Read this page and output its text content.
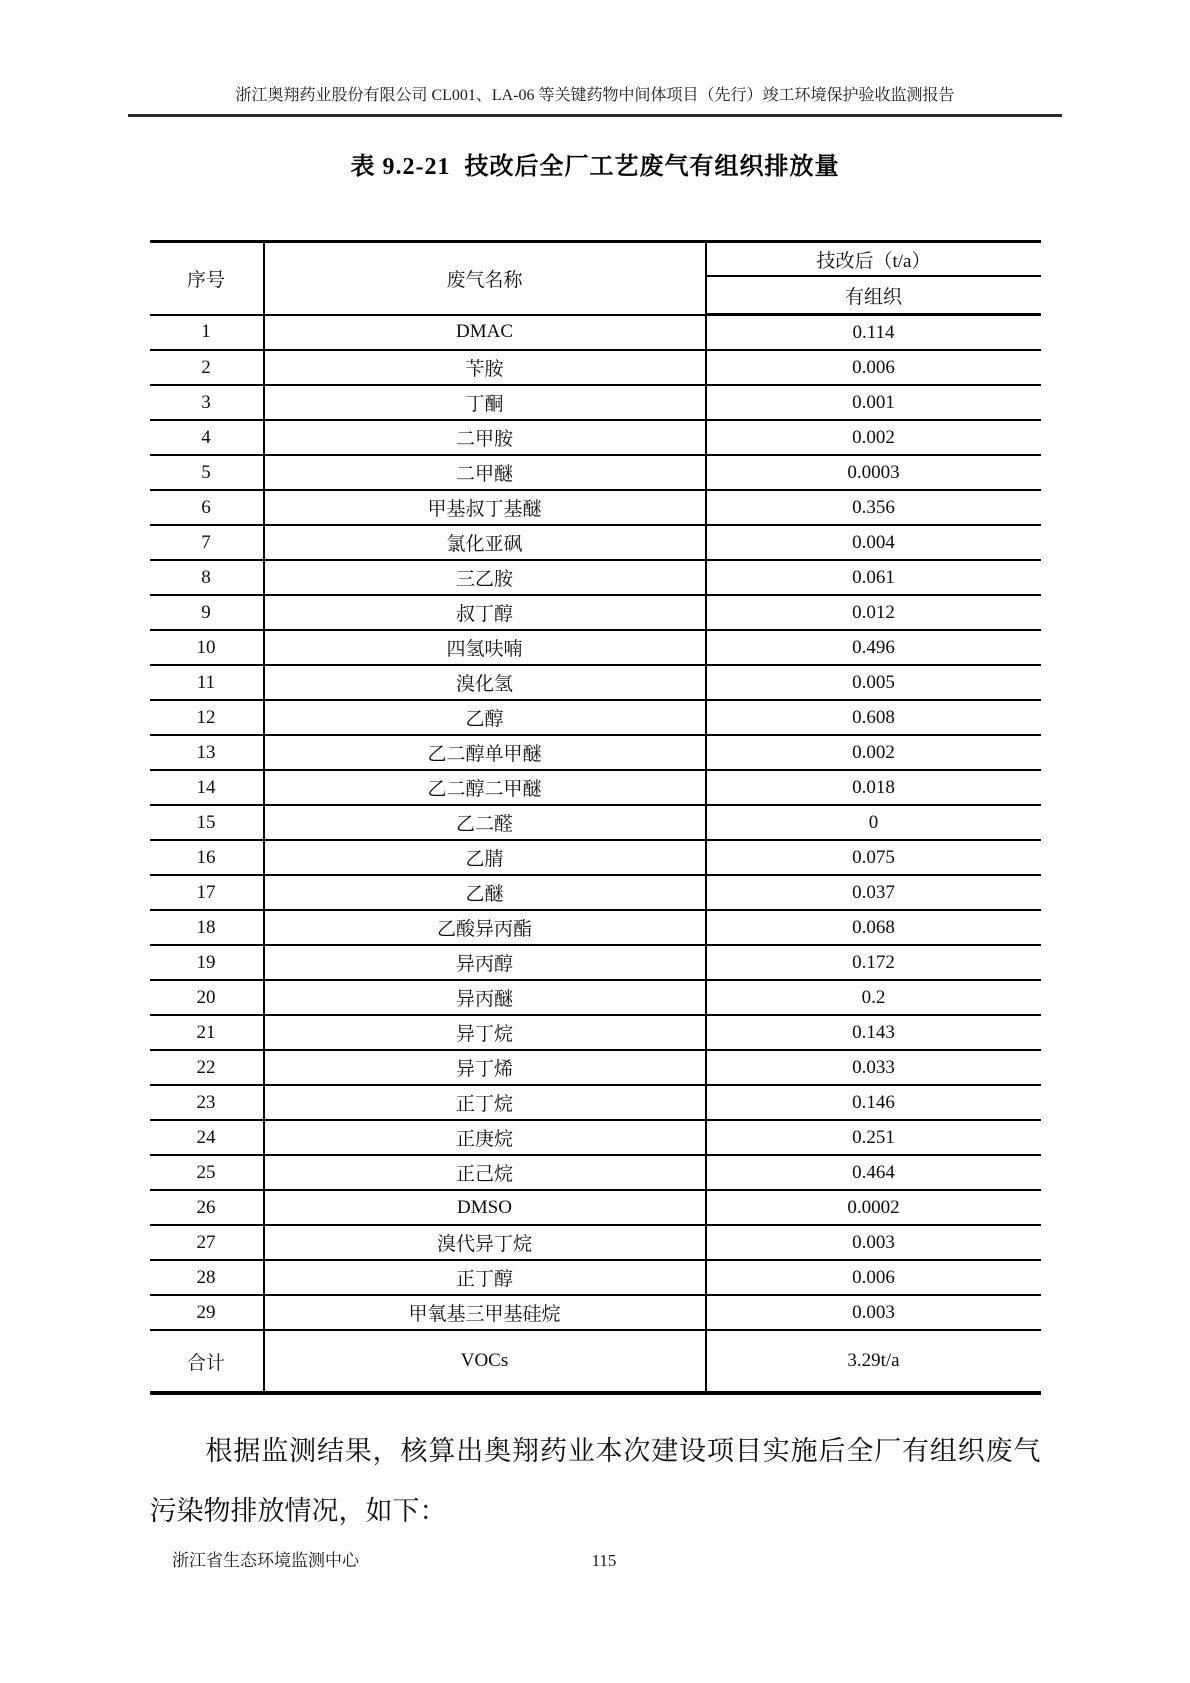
浙江奥翔药业股份有限公司 CL001、LA-06 等关键药物中间体项目（先行）竣工环境保护验收监测报告
表 9.2-21  技改后全厂工艺废气有组织排放量
序号	废气名称	技改后（t/a）
		有组织
1	DMAC	0.114
2	苄胺	0.006
3	丁酮	0.001
4	二甲胺	0.002
5	二甲醚	0.0003
6	甲基叔丁基醚	0.356
7	氯化亚砜	0.004
8	三乙胺	0.061
9	叔丁醇	0.012
10	四氢呋喃	0.496
11	溴化氢	0.005
12	乙醇	0.608
13	乙二醇单甲醚	0.002
14	乙二醇二甲醚	0.018
15	乙二醛	0
16	乙腈	0.075
17	乙醚	0.037
18	乙酸异丙酯	0.068
19	异丙醇	0.172
20	异丙醚	0.2
21	异丁烷	0.143
22	异丁烯	0.033
23	正丁烷	0.146
24	正庚烷	0.251
25	正己烷	0.464
26	DMSO	0.0002
27	溴代异丁烷	0.003
28	正丁醇	0.006
29	甲氧基三甲基硅烷	0.003
合计	VOCs	3.29t/a
根据监测结果，核算出奥翔药业本次建设项目实施后全厂有组织废气
污染物排放情况，如下：
浙江省生态环境监测中心	115
